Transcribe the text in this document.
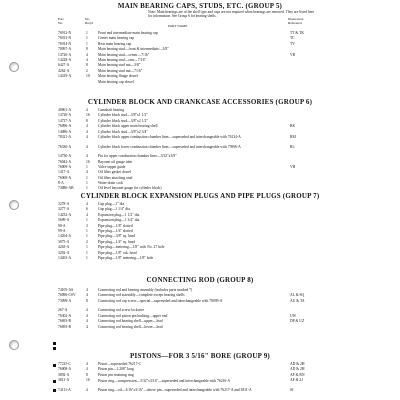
MAIN BEARING CAPS, STUDS, ETC. (GROUP 5)
Note: Main bearings are of the shell type and caps are not required when bearings are renewed. They are listed here for information. See Group 6 for bearing shells.
Part
No.
No.
Req'd
PART NAME
Illustration
Reference
76912-N	1	Front and intermediate main bearing cap	TT & TK
76913-N	1	Center main bearing cap	TC
76914-N	1	Rear main bearing cap	TV
78097-A	8	Main bearing stud—front & intermediate—3/8"
14726-A	4	Main bearing stud—center—7/16"	VB
14228-A	4	Main bearing stud—rear—7/16"
6427-A	8	Main bearing stud nut—3/8"
4262-A	2	Main bearing stud nut—7/16"
14419-A	10 Main bearing flange dowel
Main bearing cap dowel
CYLINDER BLOCK AND CRANKCASE ACCESSORIES (GROUP 6)
40861-A	4	Camshaft bearing
14726-A	16 Cylinder block stud—3/8"x1 1/2"
14727-A	8	Cylinder block stud—3/8"x2 1/2"
76096-A	4	Cylinder block upper main bearing shell	RK
14086-A	4	Cylinder block stud—3/8"x2 3/4"
78321-A	4	Cylinder block upper combustion chamber liner—superseded and interchangeable with 76134-A	RM
76330-A	4	Cylinder block lower combustion chamber liner—superseded and interchangeable with 75996-A	RL
14730-A	4	Pin for upper combustion chamber liner—3/32"x3/8"
76042-A	16 Bayonet oil gauge tube
76009-A	1	Valve tappet guide	VH
1417-A	4	Oil filter gasket dowel
76069-A	1	Oil filter attaching stud
8-A	1	Water drain cock
74086-AB	1	Oil level bayonet gauge (in cylinder block)
CYLINDER BLOCK EXPANSION PLUGS AND PIPE PLUGS (GROUP 7)
3278-A	4	Cup plug—1" dia.
3277-A	6	Cup plug—1 1/4" dia.
14232-A	4	Expansion plug—1 1/2" dia.
5609-A	1	Expansion plug—1 3/4" dia.
98-A	3	Pipe plug—1/8" slotted
99-A	1	Pipe plug—1/4" slotted
14264-A	1	Pipe plug—3/8" sq. head
3075-A	2	Pipe plug—1/4" sq. head
4263-A	1	Pipe plug—metering—1/8" with No. 27 hole
3292-A	1	Pipe plug—1/8" csk. head
14263-A	1	Pipe plug—1/8" metering—1/8" hole
CONNECTING ROD (GROUP 8)
74105-AS	4	Connecting rod and bearing assembly (includes parts marked *)
76096-CSV	4	Connecting rod assembly—complete except bearing shells	AL & SQ
73099-A	8	Connecting rod cap screw—special—superseded and interchangeable with 78099-A	AU & TA
267-A	4	Connecting rod screw lockwire
76302-A	4	Connecting rod piston pin bushing—upper end	UW
76693-B	4	Connecting rod bearing shell—upper—lead	DP & UZ
76693-B	4	Connecting rod bearing shell—lower—lead
PISTONS—FOR 3 5/16" BORE (GROUP 9)
77215-C	4	Piston—superseded 76217-C	AD & 2H
76008-A	4	Piston pin—1.208" long	AD & 2H
3892-A	8	Piston pin retaining ring	AF & RN
3811-A	16 Piston ring—compression—3/32"x3/16"—superseded and interchangeable with 76216-A	AF & 2J
74111-A	4	Piston ring—oil—3/16"x3/16"—above pin—superseded and interchangeable with 76217-A and 3811-A	SJ
